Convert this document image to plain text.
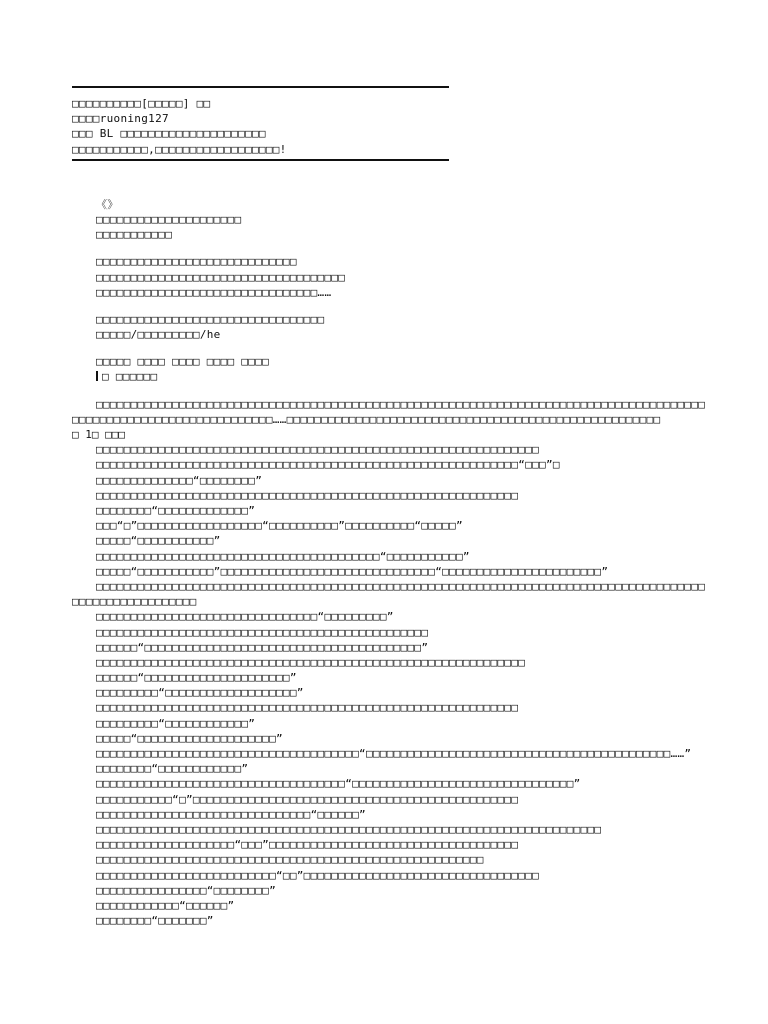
□□□□□□□□□□[□□□□□] □□
□□□□ruoning127
□□□ BL □□□□□□□□□□□□□□□□□□□□□
□□□□□□□□□□□,□□□□□□□□□□□□□□□□□□!
《》
□□□□□□□□□□□□□□□□□□□□□
□□□□□□□□□□□
□□□□□□□□□□□□□□□□□□□□□□□□□□□□□
□□□□□□□□□□□□□□□□□□□□□□□□□□□□□□□□□□□□
□□□□□□□□□□□□□□□□□□□□□□□□□□□□□□□□……
□□□□□□□□□□□□□□□□□□□□□□□□□□□□□□□□□
□□□□□/□□□□□□□□□/he
□□□□□ □□□□ □□□□ □□□□ □□□□
□ □□□□□□
□□□□□□□□□□□□□□□□□□□□□□□□□□□□□□□□□□□□□□□□□□□□□□□□□□□□□□□□□□□□□□□□□□□□□□□□□□□□□□□□□□□□□□□□□□□□□□□□□□□□□□□□□□□□□□□□□□□□□……□□□□□□□□□□□□□□□□□□□□□□□□□□□□□□□□□□□□□□□□□□□□□□□□□□□□□□
□ 1□ □□□
□□□□□□□□□□□□□□□□□□□□□□□□□□□□□□□□□□□□□□□□□□□□□□□□□□□□□□□□□□□□□□□□
□□□□□□□□□□□□□□□□□□□□□□□□□□□□□□□□□□□□□□□□□□□□□□□□□□□□□□□□□□□□□“□□□”□
□□□□□□□□□□□□□□“□□□□□□□□”
□□□□□□□□□□□□□□□□□□□□□□□□□□□□□□□□□□□□□□□□□□□□□□□□□□□□□□□□□□□□□
□□□□□□□□“□□□□□□□□□□□□□”
□□□“□”□□□□□□□□□□□□□□□□□□“□□□□□□□□□□”□□□□□□□□□□“□□□□□”
□□□□□“□□□□□□□□□□□”
□□□□□□□□□□□□□□□□□□□□□□□□□□□□□□□□□□□□□□□□□“□□□□□□□□□□□”
□□□□□“□□□□□□□□□□□”□□□□□□□□□□□□□□□□□□□□□□□□□□□□□□□“□□□□□□□□□□□□□□□□□□□□□□□”
□□□□□□□□□□□□□□□□□□□□□□□□□□□□□□□□□□□□□□□□□□□□□□□□□□□□□□□□□□□□□□□□□□□□□□□□□□□□□□□□□□□□□□□□□□□□□□□□□□□□□□□□□□
□□□□□□□□□□□□□□□□□□□□□□□□□□□□□□□□“□□□□□□□□□”
□□□□□□□□□□□□□□□□□□□□□□□□□□□□□□□□□□□□□□□□□□□□□□□□
□□□□□□“□□□□□□□□□□□□□□□□□□□□□□□□□□□□□□□□□□□□□□□□”
□□□□□□□□□□□□□□□□□□□□□□□□□□□□□□□□□□□□□□□□□□□□□□□□□□□□□□□□□□□□□□
□□□□□□“□□□□□□□□□□□□□□□□□□□□□”
□□□□□□□□□“□□□□□□□□□□□□□□□□□□□”
□□□□□□□□□□□□□□□□□□□□□□□□□□□□□□□□□□□□□□□□□□□□□□□□□□□□□□□□□□□□□
□□□□□□□□□“□□□□□□□□□□□□”
□□□□□“□□□□□□□□□□□□□□□□□□□□”
□□□□□□□□□□□□□□□□□□□□□□□□□□□□□□□□□□□□□□“□□□□□□□□□□□□□□□□□□□□□□□□□□□□□□□□□□□□□□□□□□□□……”
□□□□□□□□“□□□□□□□□□□□□”
□□□□□□□□□□□□□□□□□□□□□□□□□□□□□□□□□□□□“□□□□□□□□□□□□□□□□□□□□□□□□□□□□□□□□”
□□□□□□□□□□□“□”□□□□□□□□□□□□□□□□□□□□□□□□□□□□□□□□□□□□□□□□□□□□□□□
□□□□□□□□□□□□□□□□□□□□□□□□□□□□□□□“□□□□□□”
□□□□□□□□□□□□□□□□□□□□□□□□□□□□□□□□□□□□□□□□□□□□□□□□□□□□□□□□□□□□□□□□□□□□□□□□□
□□□□□□□□□□□□□□□□□□□□“□□□”□□□□□□□□□□□□□□□□□□□□□□□□□□□□□□□□□□□□
□□□□□□□□□□□□□□□□□□□□□□□□□□□□□□□□□□□□□□□□□□□□□□□□□□□□□□□□
□□□□□□□□□□□□□□□□□□□□□□□□□□“□□”□□□□□□□□□□□□□□□□□□□□□□□□□□□□□□□□□□
□□□□□□□□□□□□□□□□“□□□□□□□□”
□□□□□□□□□□□□“□□□□□□”
□□□□□□□□“□□□□□□□”
